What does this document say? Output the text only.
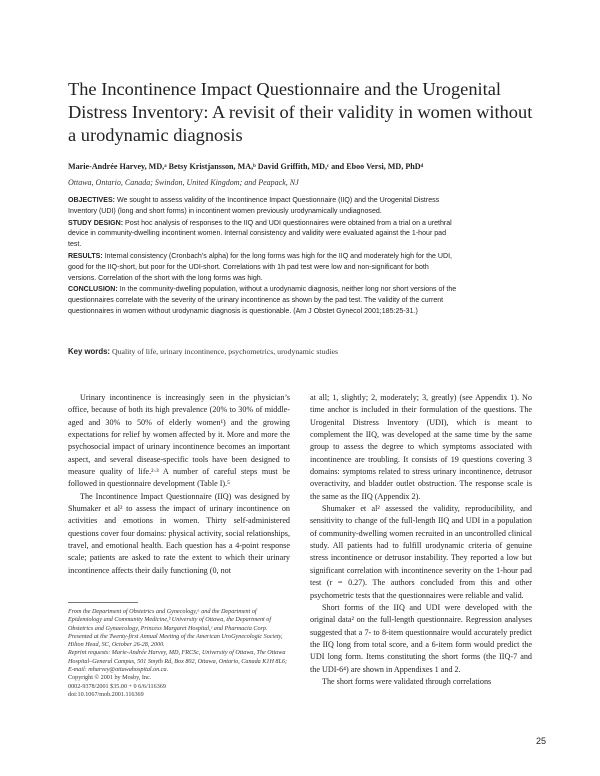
The Incontinence Impact Questionnaire and the Urogenital Distress Inventory: A revisit of their validity in women without a urodynamic diagnosis
Marie-Andrée Harvey, MD,ᵃ Betsy Kristjansson, MA,ᵇ David Griffith, MD,ᶜ and Eboo Versi, MD, PhDᵈ
Ottawa, Ontario, Canada; Swindon, United Kingdom; and Peapack, NJ

OBJECTIVES: We sought to assess validity of the Incontinence Impact Questionnaire (IIQ) and the Urogenital Distress Inventory (UDI) (long and short forms) in incontinent women previously urodynamically undiagnosed.

STUDY DESIGN: Post hoc analysis of responses to the IIQ and UDI questionnaires were obtained from a trial on a urethral device in community-dwelling incontinent women. Internal consistency and validity were evaluated against the 1-hour pad test.

RESULTS: Internal consistency (Cronbach’s alpha) for the long forms was high for the IIQ and moderately high for the UDI, good for the IIQ-short, but poor for the UDI-short. Correlations with 1h pad test were low and non-significant for both versions. Correlation of the short with the long forms was high.

CONCLUSION: In the community-dwelling population, without a urodynamic diagnosis, neither long nor short versions of the questionnaires correlate with the severity of the urinary incontinence as shown by the pad test. The validity of the current questionnaires in women without urodynamic diagnosis is questionable. (Am J Obstet Gynecol 2001;185:25-31.)

Key words: Quality of life, urinary incontinence, psychometrics, urodynamic studies

Urinary incontinence is increasingly seen in the physician’s office, because of both its high prevalence (20% to 30% of middle-aged and 30% to 50% of elderly women¹) and the growing expectations for relief by women affected by it. More and more the psychosocial impact of urinary incontinence becomes an important aspect, and several disease-specific tools have been designed to measure quality of life.²·³ A number of careful steps must be followed in questionnaire development (Table I).⁵

The Incontinence Impact Questionnaire (IIQ) was designed by Shumaker et al² to assess the impact of urinary incontinence on activities and emotions in women. Thirty self-administered questions cover four domains: physical activity, social relationships, travel, and emotional health. Each question has a 4-point response scale; patients are asked to rate the extent to which their urinary incontinence affects their daily functioning (0, not

From the Department of Obstetrics and Gynecology,ᵃ and the Department of Epidemiology and Community Medicine,ᵇ University of Ottawa, the Department of Obstetrics and Gynaecology, Princess Margaret Hospital,ᶜ and Pharmacia Corp.

Presented at the Twenty-first Annual Meeting of the American UroGynecologic Society, Hilton Head, SC, October 26-28, 2000.

Reprint requests: Marie-Andrée Harvey, MD, FRCSc, University of Ottawa, The Ottawa Hospital–General Campus, 501 Smyth Rd, Box 802, Ottawa, Ontario, Canada K1H 8L6; E-mail: mharvey@ottawahospital.on.ca.

Copyright © 2001 by Mosby, Inc.

0002-9378/2001 $35.00 + 0 6/6/116369

doi:10.1067/mob.2001.116369

at all; 1, slightly; 2, moderately; 3, greatly) (see Appendix 1). No time anchor is included in their formulation of the questions. The Urogenital Distress Inventory (UDI), which is meant to complement the IIQ, was developed at the same time by the same group to assess the degree to which symptoms associated with incontinence are troubling. It consists of 19 questions covering 3 domains: symptoms related to stress urinary incontinence, detrusor overactivity, and bladder outlet obstruction. The response scale is the same as the IIQ (Appendix 2).

Shumaker et al² assessed the validity, reproducibility, and sensitivity to change of the full-length IIQ and UDI in a population of community-dwelling women recruited in an uncontrolled clinical study. All patients had to fulfill urodynamic criteria of genuine stress incontinence or detrusor instability. They reported a low but significant correlation with incontinence severity on the 1-hour pad test (r = 0.27). The authors concluded from this and other psychometric tests that the questionnaires were reliable and valid.

Short forms of the IIQ and UDI were developed with the original data² on the full-length questionnaire. Regression analyses suggested that a 7- to 8-item questionnaire would accurately predict the IIQ long from total score, and a 6-item form would predict the UDI long form. Items constituting the short forms (the IIQ-7 and the UDI-6⁴) are shown in Appendixes 1 and 2.

The short forms were validated through correlations

25
